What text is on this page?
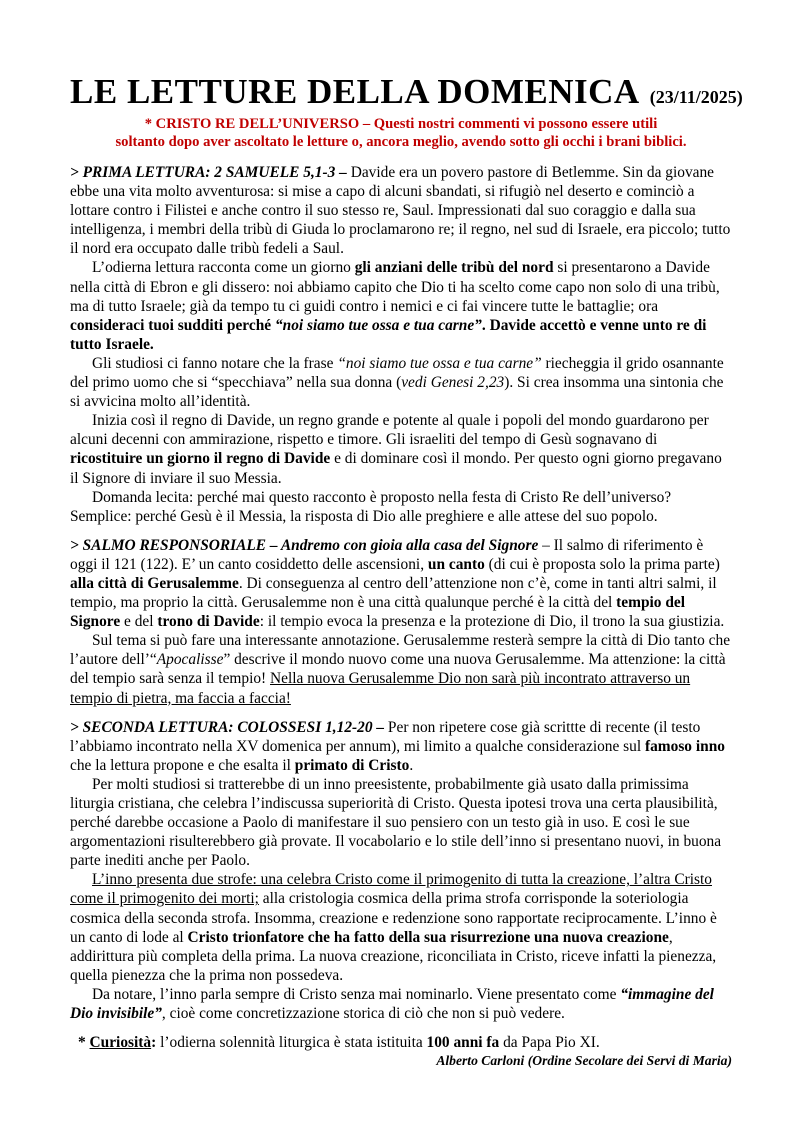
LE LETTURE DELLA DOMENICA (23/11/2025)
* CRISTO RE DELL’UNIVERSO – Questi nostri commenti vi possono essere utili
soltanto dopo aver ascoltato le letture o, ancora meglio, avendo sotto gli occhi i brani biblici.

> PRIMA LETTURA: 2 SAMUELE 5,1-3 – Davide era un povero pastore di Betlemme. Sin da giovane ebbe una vita molto avventurosa: si mise a capo di alcuni sbandati, si rifugiò nel deserto e cominciò a lottare contro i Filistei e anche contro il suo stesso re, Saul. Impressionati dal suo coraggio e dalla sua intelligenza, i membri della tribù di Giuda lo proclamarono re; il regno, nel sud di Israele, era piccolo; tutto il nord era occupato dalle tribù fedeli a Saul.

L’odierna lettura racconta come un giorno gli anziani delle tribù del nord si presentarono a Davide nella città di Ebron e gli dissero: noi abbiamo capito che Dio ti ha scelto come capo non solo di una tribù, ma di tutto Israele; già da tempo tu ci guidi contro i nemici e ci fai vincere tutte le battaglie; ora consideraci tuoi sudditi perché “noi siamo tue ossa e tua carne”. Davide accettò e venne unto re di tutto Israele.

Gli studiosi ci fanno notare che la frase “noi siamo tue ossa e tua carne” riecheggia il grido osannante del primo uomo che si “specchiava” nella sua donna (vedi Genesi 2,23). Si crea insomma una sintonia che si avvicina molto all’identità.

Inizia così il regno di Davide, un regno grande e potente al quale i popoli del mondo guardarono per alcuni decenni con ammirazione, rispetto e timore. Gli israeliti del tempo di Gesù sognavano di ricostituire un giorno il regno di Davide e di dominare così il mondo. Per questo ogni giorno pregavano il Signore di inviare il suo Messia.

Domanda lecita: perché mai questo racconto è proposto nella festa di Cristo Re dell’universo? Semplice: perché Gesù è il Messia, la risposta di Dio alle preghiere e alle attese del suo popolo.

> SALMO RESPONSORIALE – Andremo con gioia alla casa del Signore – Il salmo di riferimento è oggi il 121 (122). E’ un canto cosiddetto delle ascensioni, un canto (di cui è proposta solo la prima parte) alla città di Gerusalemme. Di conseguenza al centro dell’attenzione non c’è, come in tanti altri salmi, il tempio, ma proprio la città. Gerusalemme non è una città qualunque perché è la città del tempio del Signore e del trono di Davide: il tempio evoca la presenza e la protezione di Dio, il trono la sua giustizia.

Sul tema si può fare una interessante annotazione. Gerusalemme resterà sempre la città di Dio tanto che l’autore dell’“Apocalisse” descrive il mondo nuovo come una nuova Gerusalemme. Ma attenzione: la città del tempio sarà senza il tempio! Nella nuova Gerusalemme Dio non sarà più incontrato attraverso un tempio di pietra, ma faccia a faccia!

> SECONDA LETTURA: COLOSSESI 1,12-20 – Per non ripetere cose già scrittte di recente (il testo l’abbiamo incontrato nella XV domenica per annum), mi limito a qualche considerazione sul famoso inno che la lettura propone e che esalta il primato di Cristo.

Per molti studiosi si tratterebbe di un inno preesistente, probabilmente già usato dalla primissima liturgia cristiana, che celebra l’indiscussa superiorità di Cristo. Questa ipotesi trova una certa plausibilità, perché darebbe occasione a Paolo di manifestare il suo pensiero con un testo già in uso. E così le sue argomentazioni risulterebbero già provate. Il vocabolario e lo stile dell’inno si presentano nuovi, in buona parte inediti anche per Paolo.

L’inno presenta due strofe: una celebra Cristo come il primogenito di tutta la creazione, l’altra Cristo come il primogenito dei morti; alla cristologia cosmica della prima strofa corrisponde la soteriologia cosmica della seconda strofa. Insomma, creazione e redenzione sono rapportate reciprocamente. L’inno è un canto di lode al Cristo trionfatore che ha fatto della sua risurrezione una nuova creazione, addirittura più completa della prima. La nuova creazione, riconciliata in Cristo, riceve infatti la pienezza, quella pienezza che la prima non possedeva.

Da notare, l’inno parla sempre di Cristo senza mai nominarlo. Viene presentato come “immagine del Dio invisibile”, cioè come concretizzazione storica di ciò che non si può vedere.

* Curiosità: l’odierna solennità liturgica è stata istituita 100 anni fa da Papa Pio XI.

Alberto Carloni (Ordine Secolare dei Servi di Maria)
